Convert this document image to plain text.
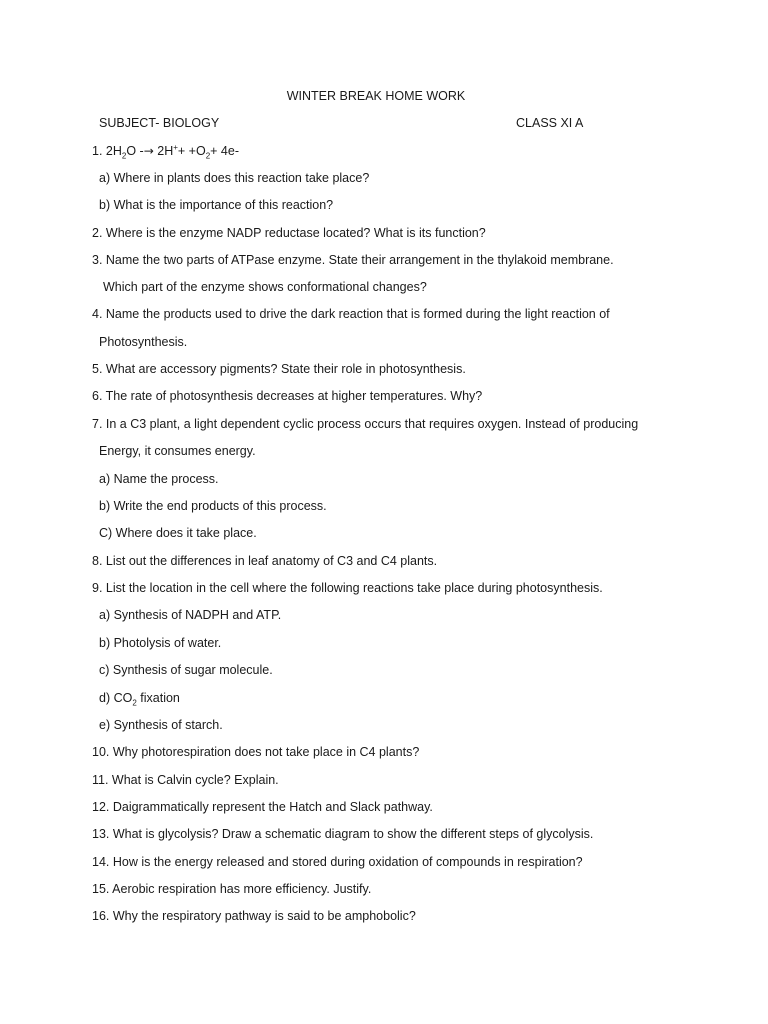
WINTER BREAK HOME WORK
SUBJECT- BIOLOGY	CLASS XI A
1. $2H_2O -\to 2H^++ +O_2+ 4e-$
a) Where in plants does this reaction take place?
b) What is the importance of this reaction?
2. Where is the enzyme NADP reductase located? What is its function?
3. Name the two parts of ATPase enzyme. State their arrangement in the thylakoid membrane.
Which part of the enzyme shows conformational changes?
4. Name the products used to drive the dark reaction that is formed during the light reaction of
Photosynthesis.
5. What are accessory pigments? State their role in photosynthesis.
6. The rate of photosynthesis decreases at higher temperatures. Why?
7. In a C3 plant, a light dependent cyclic process occurs that requires oxygen. Instead of producing
Energy, it consumes energy.
a) Name the process.
b) Write the end products of this process.
C) Where does it take place.
8. List out the differences in leaf anatomy of C3 and C4 plants.
9. List the location in the cell where the following reactions take place during photosynthesis.
a) Synthesis of NADPH and ATP.
b) Photolysis of water.
c) Synthesis of sugar molecule.
d) $CO_2$ fixation
e) Synthesis of starch.
10. Why photorespiration does not take place in C4 plants?
11. What is Calvin cycle? Explain.
12. Daigrammatically represent the Hatch and Slack pathway.
13. What is glycolysis? Draw a schematic diagram to show the different steps of glycolysis.
14. How is the energy released and stored during oxidation of compounds in respiration?
15. Aerobic respiration has more efficiency. Justify.
16. Why the respiratory pathway is said to be amphobolic?
